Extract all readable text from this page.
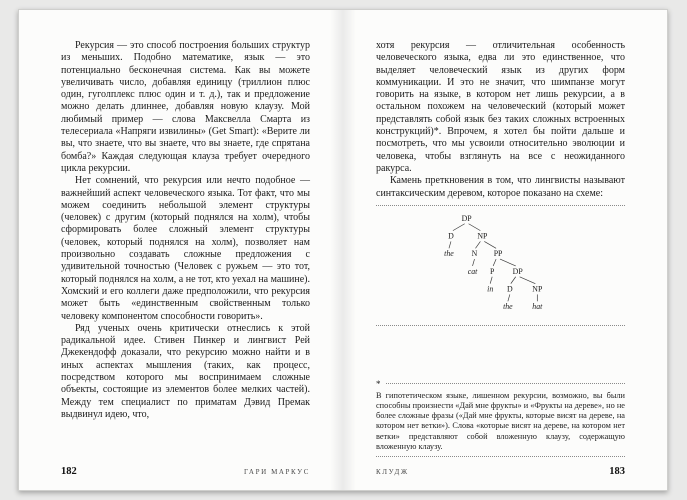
Рекурсия — это способ построения больших структур из меньших. Подобно математике, язык — это потенциально бесконечная система. Как вы можете увеличивать число, добавляя единицу (триллион плюс один, гуголплекс плюс один и т. д.), так и предложение можно делать длиннее, добавляя новую клаузу. Мой любимый пример — слова Максвелла Смарта из телесериала «Напряги извилины» (Get Smart): «Верите ли вы, что знаете, что вы знаете, что вы знаете, где спрятана бомба?» Каждая следующая клауза требует очередного цикла рекурсии.

Нет сомнений, что рекурсия или нечто подобное — важнейший аспект человеческого языка. Тот факт, что мы можем соединить небольшой элемент структуры (человек) с другим (который поднялся на холм), чтобы сформировать более сложный элемент структуры (человек, который поднялся на холм), позволяет нам произвольно создавать сложные предложения с удивительной точностью (Человек с ружьем — это тот, который поднялся на холм, а не тот, кто уехал на машине). Хомский и его коллеги даже предположили, что рекурсия может быть «единственным свойственным только человеку компонентом способности говорить».

Ряд ученых очень критически отнеслись к этой радикальной идее. Стивен Пинкер и лингвист Рей Джекендофф доказали, что рекурсию можно найти и в иных аспектах мышления (таких, как процесс, посредством которого мы воспринимаем сложные объекты, состоящие из элементов более мелких частей). Между тем специалист по приматам Дэвид Премак выдвинул идею, что,

182	ГАРИ МАРКУС

хотя рекурсия — отличительная особенность человеческого языка, едва ли это единственное, что выделяет человеческий язык из других форм коммуникации. И это не значит, что шимпанзе могут говорить на языке, в котором нет лишь рекурсии, а в остальном похожем на человеческий (который может представлять собой язык без таких сложных встроенных конструкций)*. Впрочем, я хотел бы пойти дальше и посмотреть, что мы усвоили относительно эволюции и человека, чтобы взглянуть на все с неожиданного ракурса.

Камень преткновения в том, что лингвисты называют синтаксическим деревом, которое показано на схеме:

DP
D	NP
the N PP
cat P DP
in D NP
the hat
*

В гипотетическом языке, лишенном рекурсии, возможно, вы были способны произнести «Дай мне фрукты» и «Фрукты на дереве», но не более сложные фразы («Дай мне фрукты, которые висят на дереве, на котором нет ветки»). Слова «которые висят на дереве, на котором нет ветки» представляют собой вложенную клаузу, содержащую вложенную клаузу.

КЛУДЖ	183
